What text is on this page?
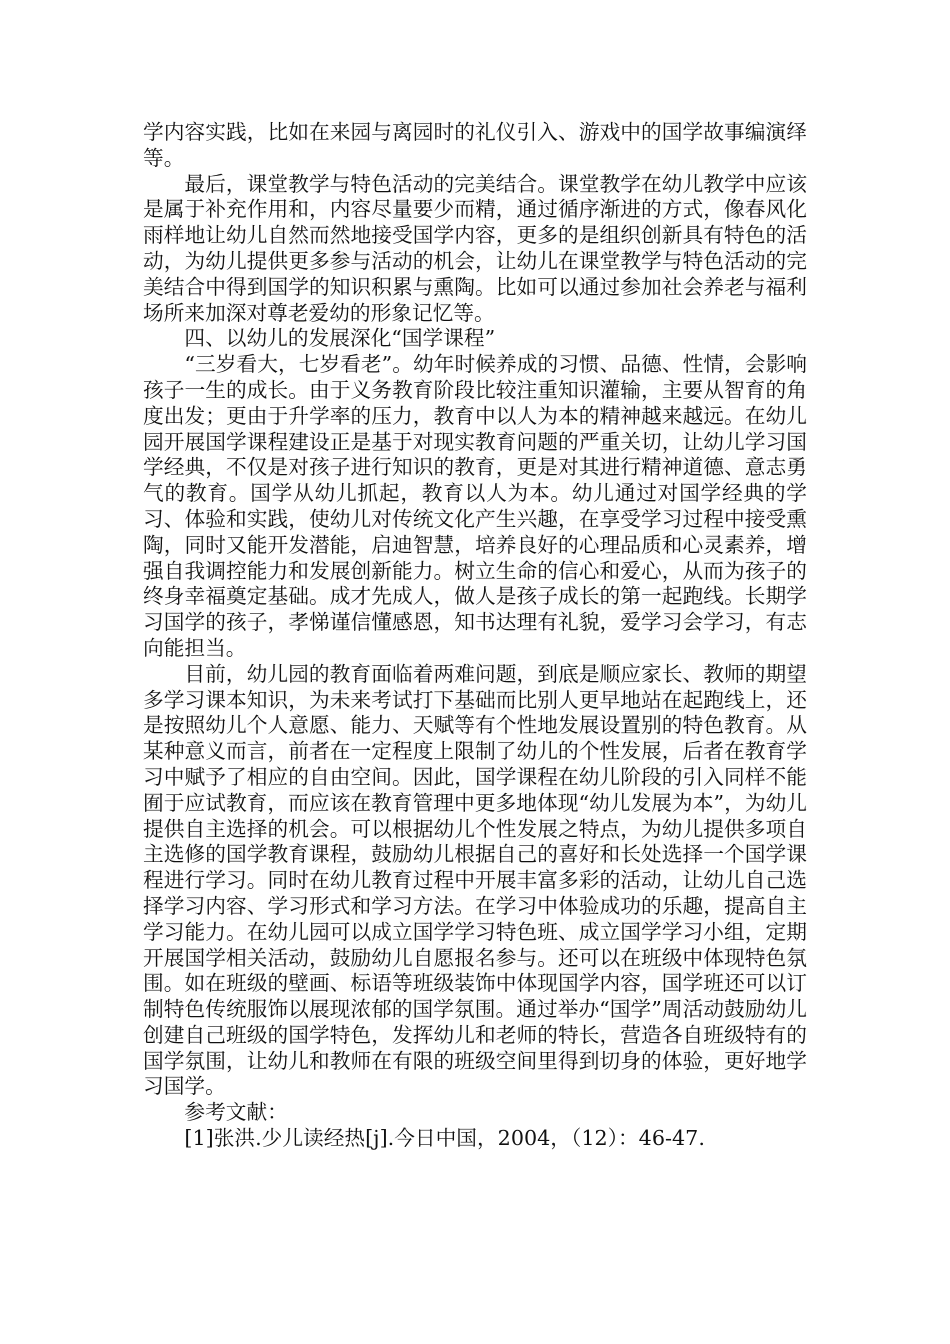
学内容实践，比如在来园与离园时的礼仪引入、游戏中的国学故事编演绎等。

最后，课堂教学与特色活动的完美结合。课堂教学在幼儿教学中应该是属于补充作用和，内容尽量要少而精，通过循序渐进的方式，像春风化雨样地让幼儿自然而然地接受国学内容，更多的是组织创新具有特色的活动，为幼儿提供更多参与活动的机会，让幼儿在课堂教学与特色活动的完美结合中得到国学的知识积累与熏陶。比如可以通过参加社会养老与福利场所来加深对尊老爱幼的形象记忆等。

四、以幼儿的发展深化“国学课程”

“三岁看大，七岁看老”。幼年时候养成的习惯、品德、性情，会影响孩子一生的成长。由于义务教育阶段比较注重知识灌输，主要从智育的角度出发；更由于升学率的压力，教育中以人为本的精神越来越远。在幼儿园开展国学课程建设正是基于对现实教育问题的严重关切，让幼儿学习国学经典，不仅是对孩子进行知识的教育，更是对其进行精神道德、意志勇气的教育。国学从幼儿抓起，教育以人为本。幼儿通过对国学经典的学习、体验和实践，使幼儿对传统文化产生兴趣，在享受学习过程中接受熏陶，同时又能开发潜能，启迪智慧，培养良好的心理品质和心灵素养，增强自我调控能力和发展创新能力。树立生命的信心和爱心，从而为孩子的终身幸福奠定基础。成才先成人，做人是孩子成长的第一起跑线。长期学习国学的孩子，孝悌谨信懂感恩，知书达理有礼貌，爱学习会学习，有志向能担当。

目前，幼儿园的教育面临着两难问题，到底是顺应家长、教师的期望多学习课本知识，为未来考试打下基础而比别人更早地站在起跑线上，还是按照幼儿个人意愿、能力、天赋等有个性地发展设置别的特色教育。从某种意义而言，前者在一定程度上限制了幼儿的个性发展，后者在教育学习中赋予了相应的自由空间。因此，国学课程在幼儿阶段的引入同样不能囿于应试教育，而应该在教育管理中更多地体现“幼儿发展为本”，为幼儿提供自主选择的机会。可以根据幼儿个性发展之特点，为幼儿提供多项自主选修的国学教育课程，鼓励幼儿根据自己的喜好和长处选择一个国学课程进行学习。同时在幼儿教育过程中开展丰富多彩的活动，让幼儿自己选择学习内容、学习形式和学习方法。在学习中体验成功的乐趣，提高自主学习能力。在幼儿园可以成立国学学习特色班、成立国学学习小组，定期开展国学相关活动，鼓励幼儿自愿报名参与。还可以在班级中体现特色氛围。如在班级的壁画、标语等班级装饰中体现国学内容，国学班还可以订制特色传统服饰以展现浓郁的国学氛围。通过举办“国学”周活动鼓励幼儿创建自己班级的国学特色，发挥幼儿和老师的特长，营造各自班级特有的国学氛围，让幼儿和教师在有限的班级空间里得到切身的体验，更好地学习国学。

参考文献：

[1]张洪.少儿读经热[j].今日中国，2004，（12）：46-47.
